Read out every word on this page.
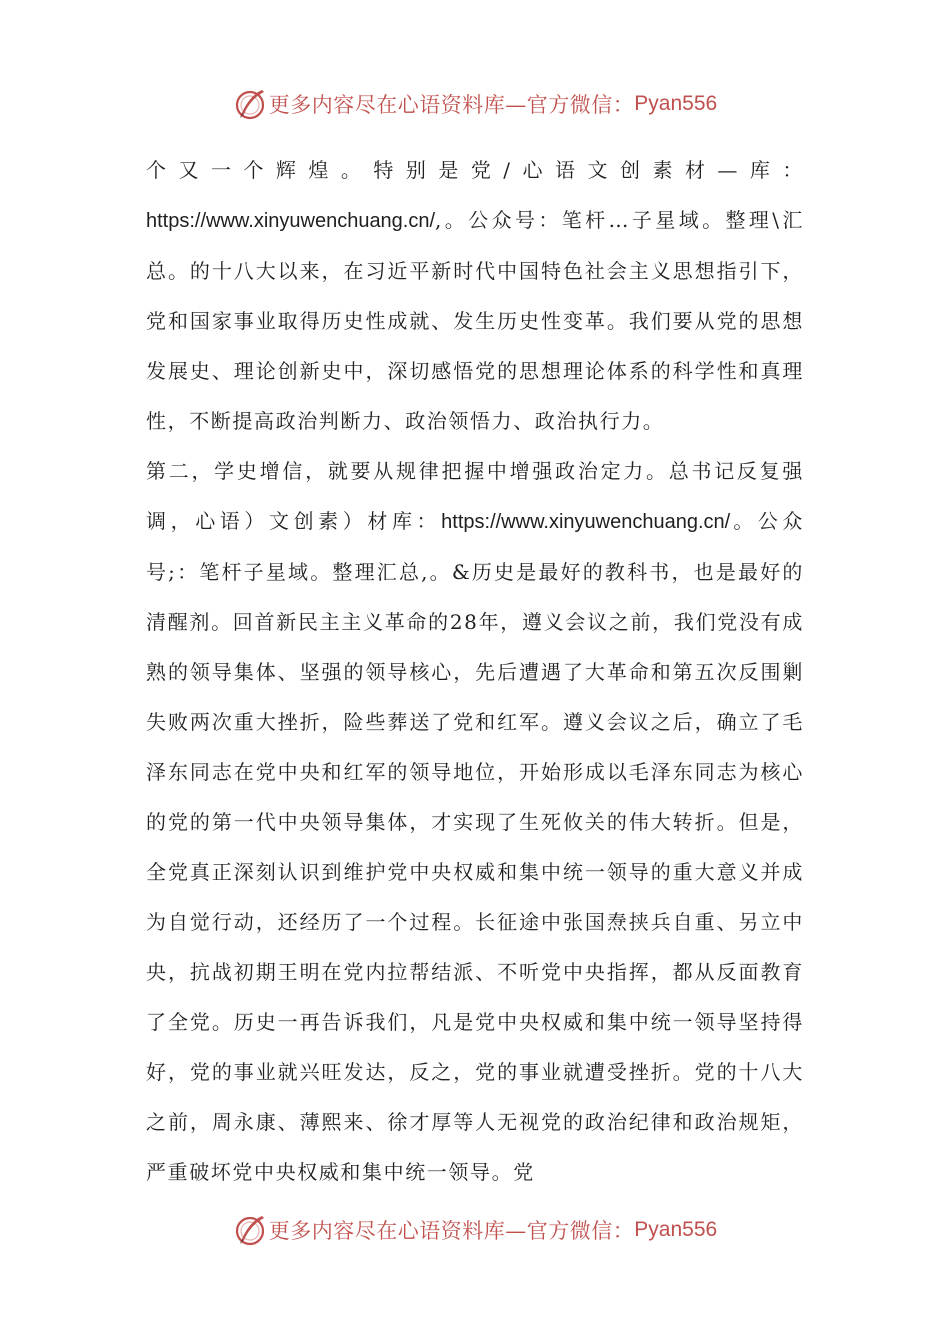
更多内容尽在心语资料库—官方微信： Pyan556

个又一个辉煌。特别是党/心语文创素材—库：https://www.xinyuwenchuang.cn/,。公众号：笔杆…子星域。整理\汇总。的十八大以来，在习近平新时代中国特色社会主义思想指引下，党和国家事业取得历史性成就、发生历史性变革。我们要从党的思想发展史、理论创新史中，深切感悟党的思想理论体系的科学性和真理性，不断提高政治判断力、政治领悟力、政治执行力。

第二，学史增信，就要从规律把握中增强政治定力。总书记反复强调，心语）文创素）材库：https://www.xinyuwenchuang.cn/。公众号;：笔杆子星域。整理汇总,。&历史是最好的教科书，也是最好的清醒剂。回首新民主主义革命的28年，遵义会议之前，我们党没有成熟的领导集体、坚强的领导核心，先后遭遇了大革命和第五次反围剿失败两次重大挫折，险些葬送了党和红军。遵义会议之后，确立了毛泽东同志在党中央和红军的领导地位，开始形成以毛泽东同志为核心的党的第一代中央领导集体，才实现了生死攸关的伟大转折。但是，全党真正深刻认识到维护党中央权威和集中统一领导的重大意义并成为自觉行动，还经历了一个过程。长征途中张国焘挟兵自重、另立中央，抗战初期王明在党内拉帮结派、不听党中央指挥，都从反面教育了全党。历史一再告诉我们，凡是党中央权威和集中统一领导坚持得好，党的事业就兴旺发达，反之，党的事业就遭受挫折。党的十八大之前，周永康、薄熙来、徐才厚等人无视党的政治纪律和政治规矩，严重破坏党中央权威和集中统一领导。党

更多内容尽在心语资料库—官方微信： Pyan556
